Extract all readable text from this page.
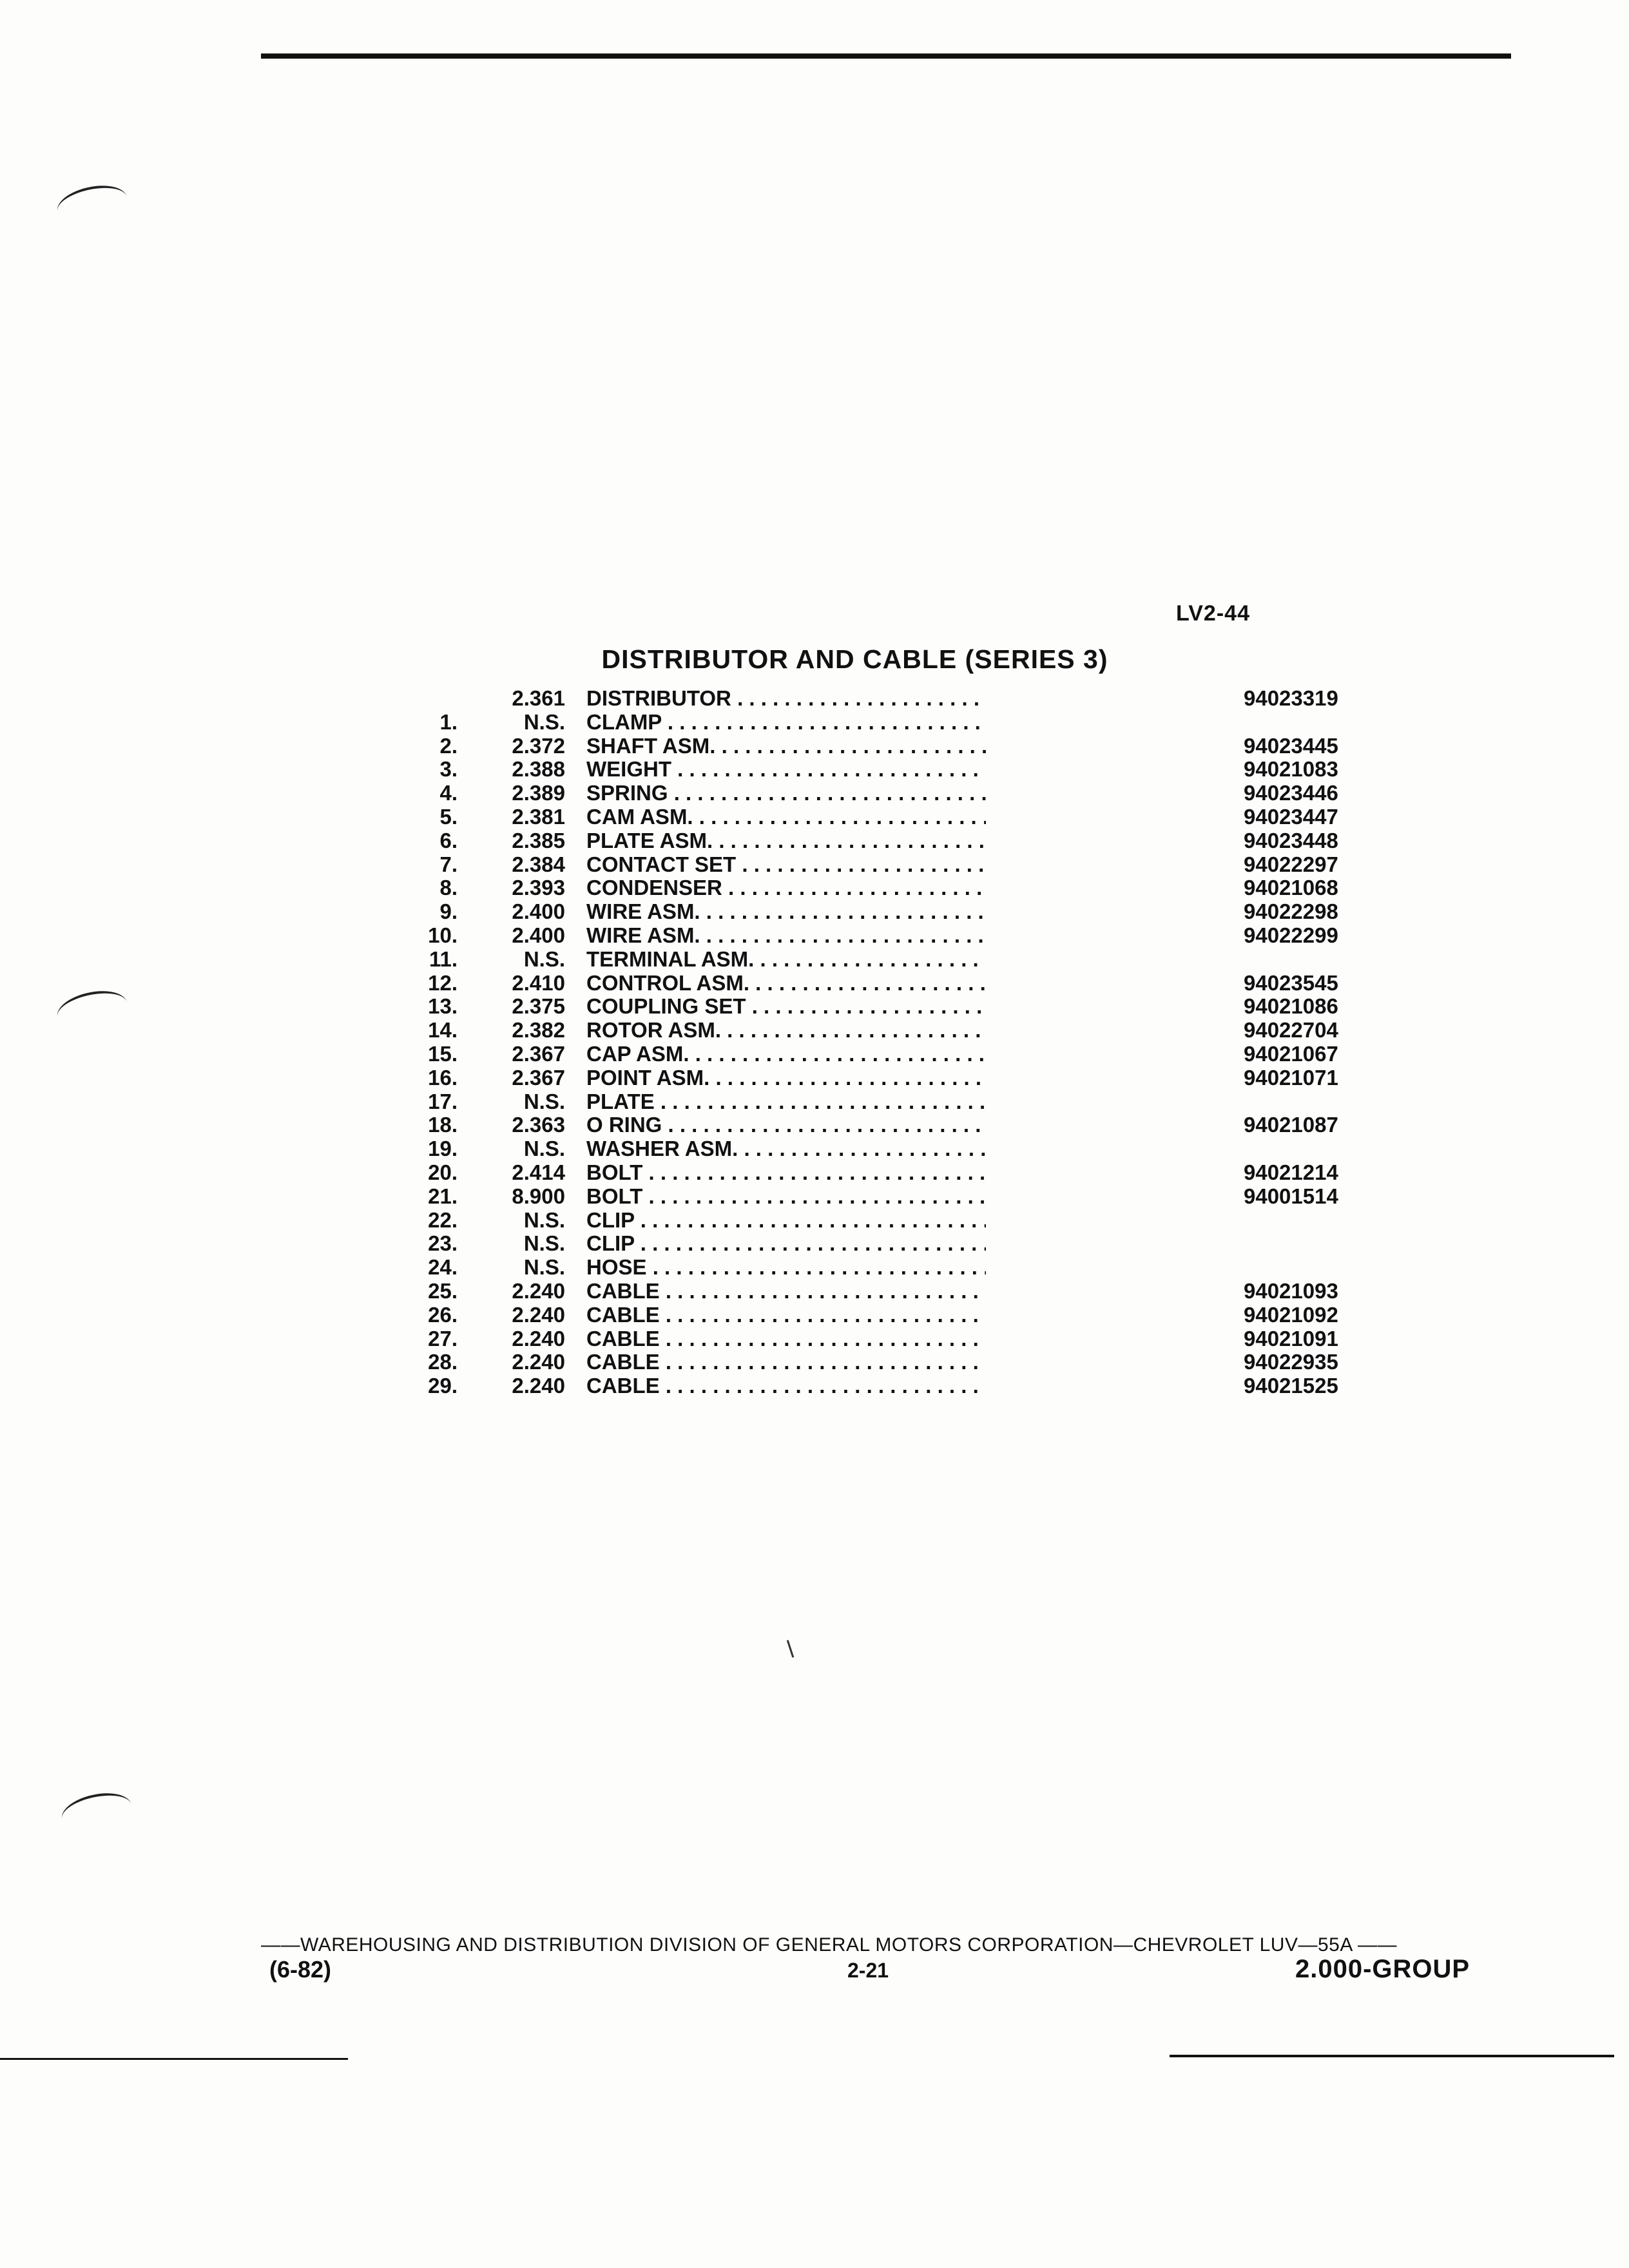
LV2-44
DISTRIBUTOR AND CABLE (SERIES 3)
2.361 DISTRIBUTOR . . .	94023319
1.	N.S. CLAMP . . .
2.	2.372 SHAFT ASM. . . .	94023445
3.	2.388 WEIGHT . . .	94021083
4.	2.389 SPRING . . .	94023446
5.	2.381 CAM ASM. . . .	94023447
6.	2.385 PLATE ASM. . . .	94023448
7.	2.384 CONTACT SET . . .	94022297
8.	2.393 CONDENSER . . .	94021068
9.	2.400 WIRE ASM. . . .	94022298
10.	2.400 WIRE ASM. . . .	94022299
11.	N.S. TERMINAL ASM. . . .
12.	2.410 CONTROL ASM. . . .	94023545
13.	2.375 COUPLING SET . . .	94021086
14.	2.382 ROTOR ASM. . . .	94022704
15.	2.367 CAP ASM. . . .	94021067
16.	2.367 POINT ASM. . . .	94021071
17.	N.S. PLATE . . .
18.	2.363 O RING . . .	94021087
19.	N.S. WASHER ASM. . . .
20.	2.414 BOLT . . .	94021214
21.	8.900 BOLT . . .	94001514
22.	N.S. CLIP . . .
23.	N.S. CLIP . . .
24.	N.S. HOSE . . .
25.	2.240 CABLE . . .	94021093
26.	2.240 CABLE . . .	94021092
27.	2.240 CABLE . . .	94021091
28.	2.240 CABLE . . .	94022935
29.	2.240 CABLE . . .	94021525
——WAREHOUSING AND DISTRIBUTION DIVISION OF GENERAL MOTORS CORPORATION—CHEVROLET LUV—55A ——
(6-82)	2-21	2.000-GROUP
